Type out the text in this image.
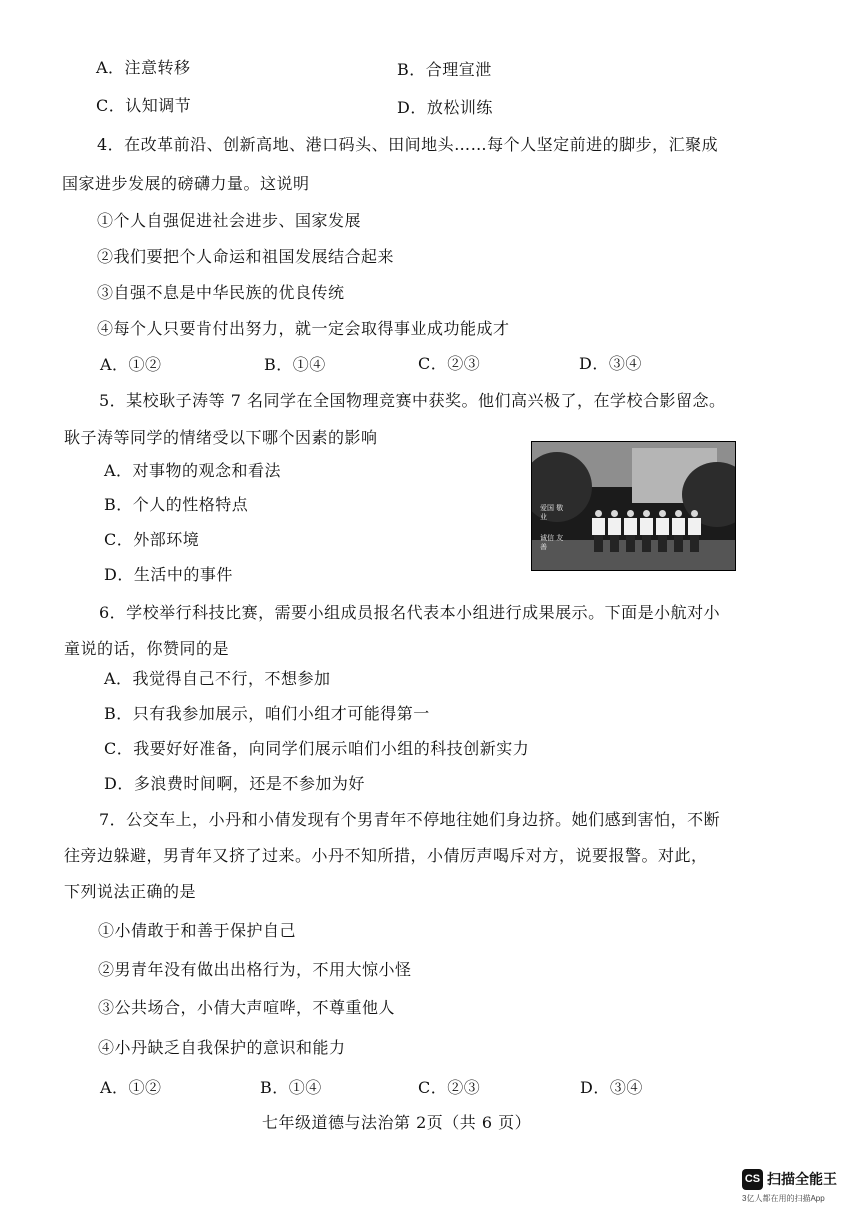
A．注意转移	B．合理宣泄
C．认知调节	D．放松训练
4．在改革前沿、创新高地、港口码头、田间地头……每个人坚定前进的脚步，汇聚成
国家进步发展的磅礴力量。这说明
①个人自强促进社会进步、国家发展
②我们要把个人命运和祖国发展结合起来
③自强不息是中华民族的优良传统
④每个人只要肯付出努力，就一定会取得事业成功能成才
A．①②	B．①④	C．②③	D．③④
5．某校耿子涛等 7 名同学在全国物理竞赛中获奖。他们高兴极了，在学校合影留念。
耿子涛等同学的情绪受以下哪个因素的影响
A．对事物的观念和看法
B．个人的性格特点
C．外部环境
D．生活中的事件
爱国 敬业
诚信 友善
6．学校举行科技比赛，需要小组成员报名代表本小组进行成果展示。下面是小航对小
童说的话，你赞同的是
A．我觉得自己不行，不想参加
B．只有我参加展示，咱们小组才可能得第一
C．我要好好准备，向同学们展示咱们小组的科技创新实力
D．多浪费时间啊，还是不参加为好
7．公交车上，小丹和小倩发现有个男青年不停地往她们身边挤。她们感到害怕，不断
往旁边躲避，男青年又挤了过来。小丹不知所措，小倩厉声喝斥对方，说要报警。对此，
下列说法正确的是
①小倩敢于和善于保护自己
②男青年没有做出出格行为，不用大惊小怪
③公共场合，小倩大声喧哗，不尊重他人
④小丹缺乏自我保护的意识和能力
A．①②	B．①④	C．②③	D．③④
七年级道德与法治第 2页（共 6 页）
CS 扫描全能王
3亿人都在用的扫描App
